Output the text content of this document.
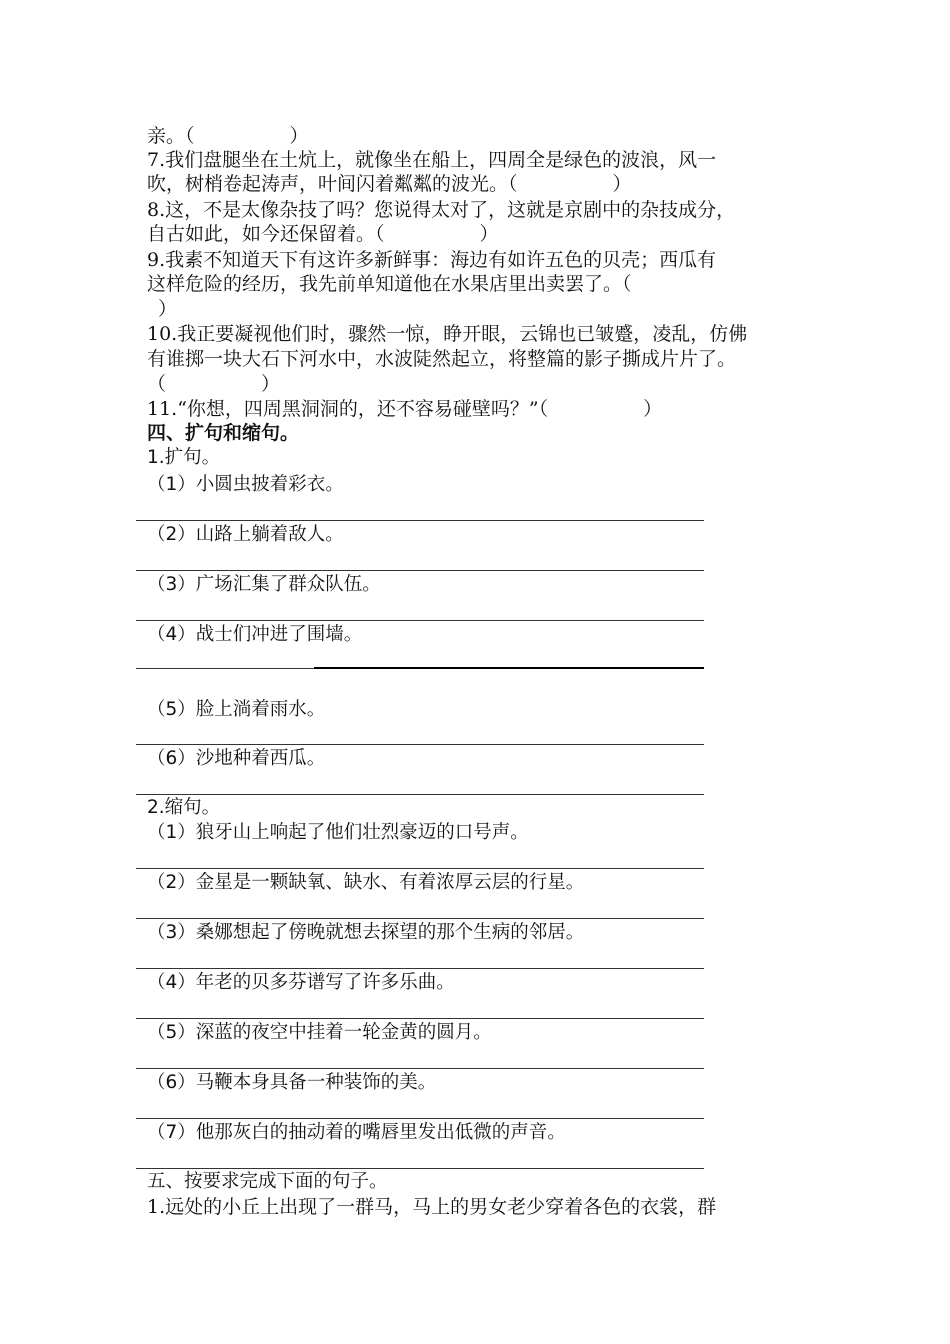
亲。（　　　　　）
7.我们盘腿坐在土炕上，就像坐在船上，四周全是绿色的波浪，风一
吹，树梢卷起涛声，叶间闪着粼粼的波光。（　　　　　）
8.这，不是太像杂技了吗？您说得太对了，这就是京剧中的杂技成分，
自古如此，如今还保留着。（　　　　　）
9.我素不知道天下有这许多新鲜事：海边有如许五色的贝壳；西瓜有
这样危险的经历，我先前单知道他在水果店里出卖罢了。（
）
10.我正要凝视他们时，骤然一惊，睁开眼，云锦也已皱蹙，凌乱，仿佛
有谁掷一块大石下河水中，水波陡然起立，将整篇的影子撕成片片了。
（　　　　　）
11.“你想，四周黑洞洞的，还不容易碰壁吗？”（　　　　　）
四、扩句和缩句。
1.扩句。
（1）小圆虫披着彩衣。
（2）山路上躺着敌人。
（3）广场汇集了群众队伍。
（4）战士们冲进了围墙。
（5）脸上淌着雨水。
（6）沙地种着西瓜。
2.缩句。
（1）狼牙山上响起了他们壮烈豪迈的口号声。
（2）金星是一颗缺氧、缺水、有着浓厚云层的行星。
（3）桑娜想起了傍晚就想去探望的那个生病的邻居。
（4）年老的贝多芬谱写了许多乐曲。
（5）深蓝的夜空中挂着一轮金黄的圆月。
（6）马鞭本身具备一种装饰的美。
（7）他那灰白的抽动着的嘴唇里发出低微的声音。
五、按要求完成下面的句子。
1.远处的小丘上出现了一群马，马上的男女老少穿着各色的衣裳，群
